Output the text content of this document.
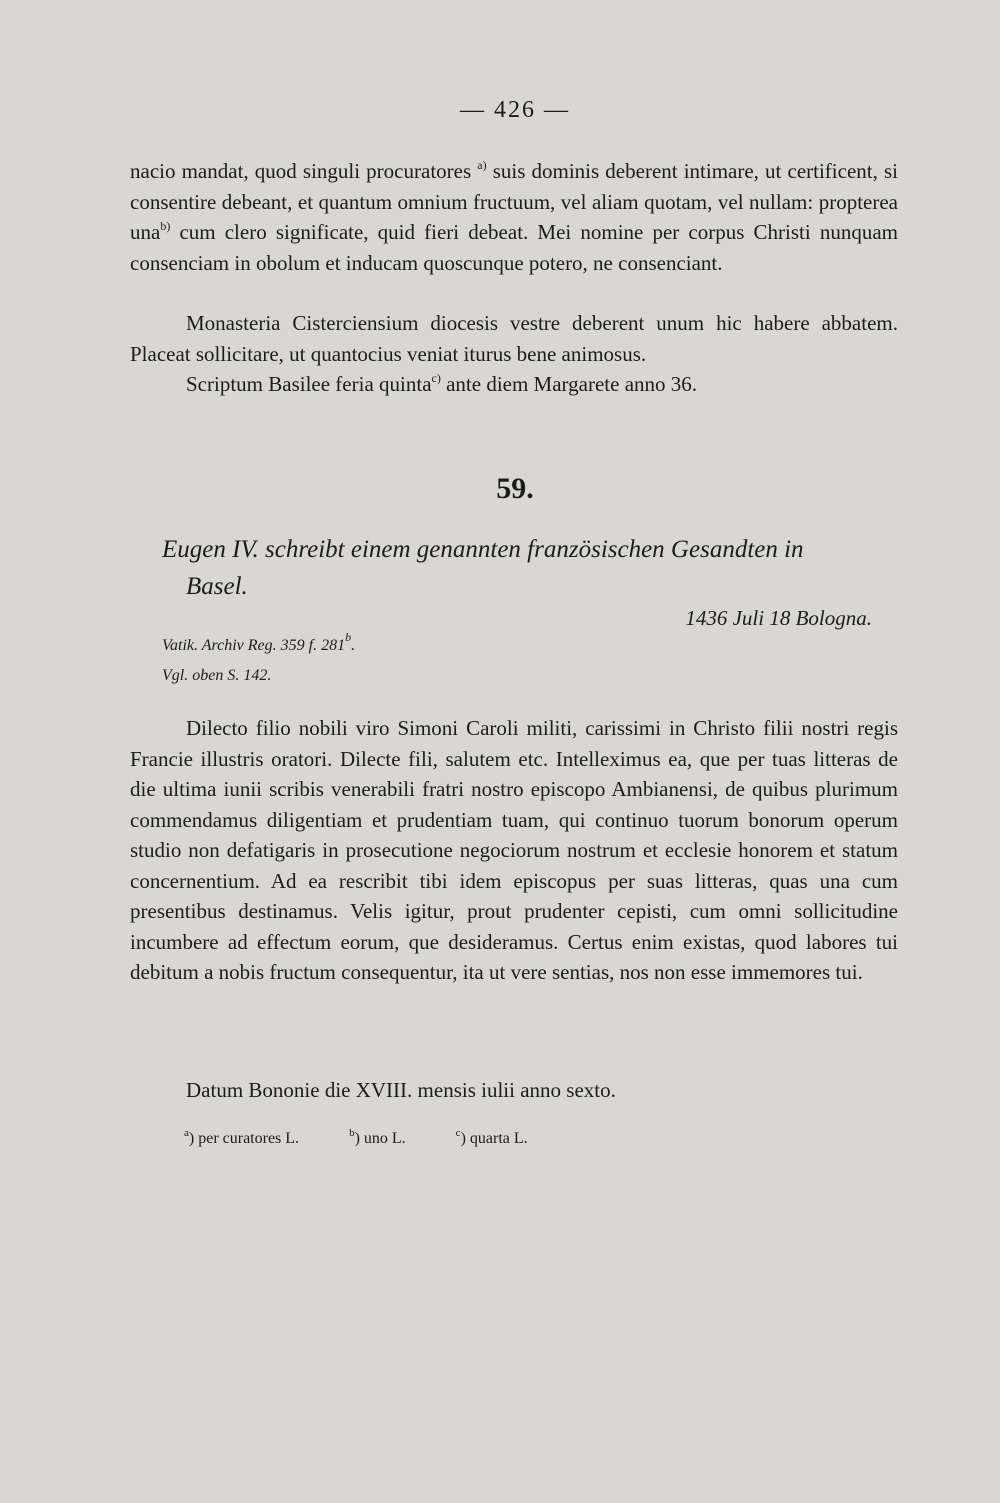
— 426 —

nacio mandat, quod singuli procuratores $^{a)}$ suis dominis deberent intimare, ut certificent, si consentire debeant, et quantum omnium fructuum, vel aliam quotam, vel nullam: propterea una$^{b)}$ cum clero significate, quid fieri debeat. Mei nomine per corpus Christi nunquam consenciam in obolum et inducam quoscunque potero, ne consenciant.

Monasteria Cisterciensium diocesis vestre deberent unum hic habere abbatem. Placeat sollicitare, ut quantocius veniat iturus bene animosus.

Scriptum Basilee feria quinta$^{c)}$ ante diem Margarete anno 36.

59.

Eugen IV. schreibt einem genannten französischen Gesandten in
Basel.

1436 Juli 18 Bologna.
Vatik. Archiv Reg. 359 f. 281$^b$.
Vgl. oben S. 142.

Dilecto filio nobili viro Simoni Caroli militi, carissimi in Christo filii nostri regis Francie illustris oratori. Dilecte fili, salutem etc. Intelleximus ea, que per tuas litteras de die ultima iunii scribis venerabili fratri nostro episcopo Ambianensi, de quibus plurimum commendamus diligentiam et prudentiam tuam, qui continuo tuorum bonorum operum studio non defatigaris in prosecutione negociorum nostrum et ecclesie honorem et statum concernentium. Ad ea rescribit tibi idem episcopus per suas litteras, quas una cum presentibus destinamus. Velis igitur, prout prudenter cepisti, cum omni sollicitudine incumbere ad effectum eorum, que desideramus. Certus enim existas, quod labores tui debitum a nobis fructum consequentur, ita ut vere sentias, nos non esse immemores tui.

Datum Bononie die XVIII. mensis iulii anno sexto.

$^a$) per curatores L.	$^b$) uno L.	$^c$) quarta L.
